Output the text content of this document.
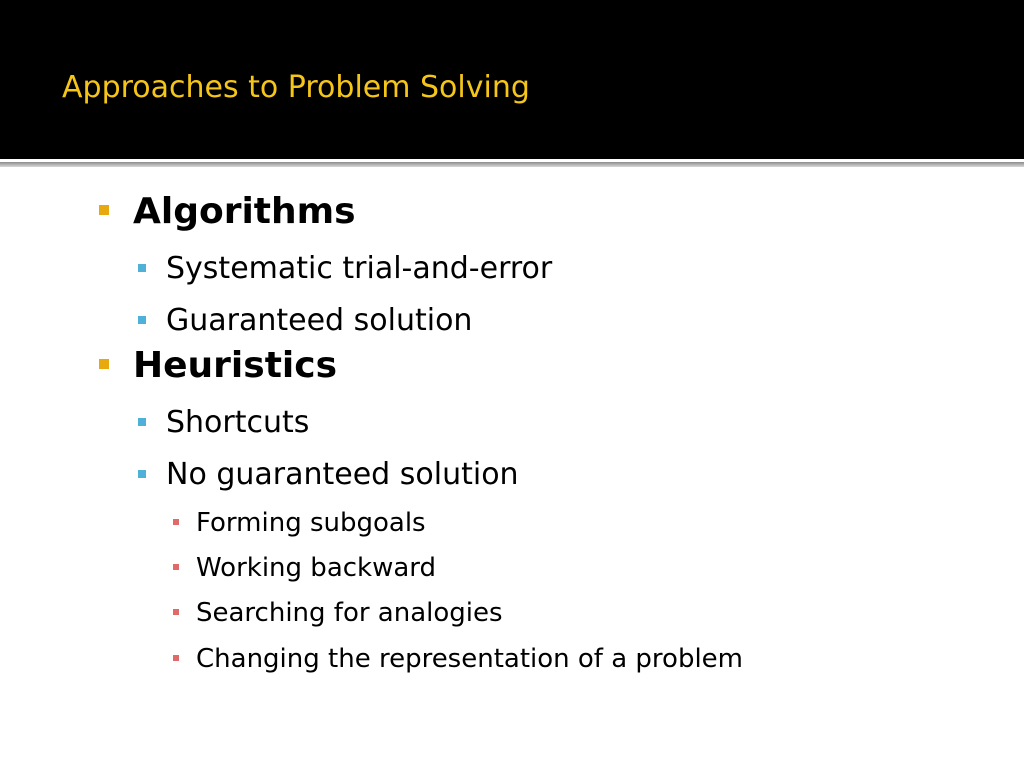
Approaches to Problem Solving
Algorithms
Systematic trial-and-error
Guaranteed solution
Heuristics
Shortcuts
No guaranteed solution
Forming subgoals
Working backward
Searching for analogies
Changing the representation of a problem
